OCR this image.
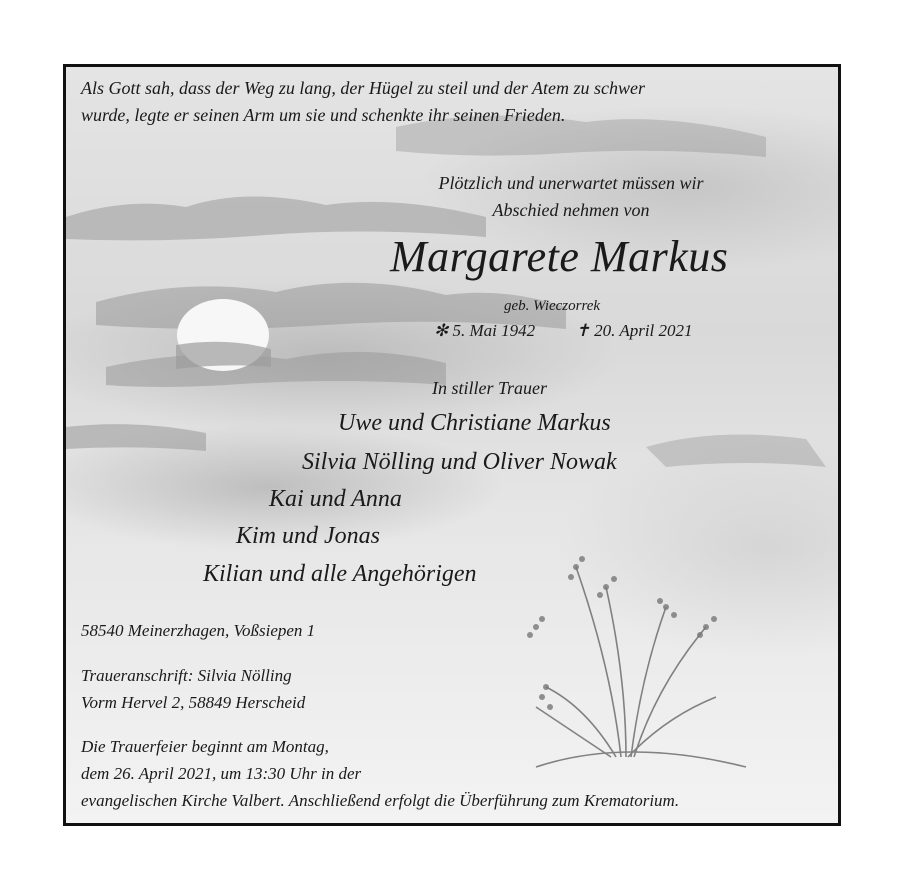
Als Gott sah, dass der Weg zu lang, der Hügel zu steil und der Atem zu schwer
wurde, legte er seinen Arm um sie und schenkte ihr seinen Frieden.
Plötzlich und unerwartet müssen wir
Abschied nehmen von
Margarete Markus
geb. Wieczorrek
✻ 5. Mai 1942 ✝ 20. April 2021
In stiller Trauer
Uwe und Christiane Markus
Silvia Nölling und Oliver Nowak
Kai und Anna
Kim und Jonas
Kilian und alle Angehörigen
58540 Meinerzhagen, Voßsiepen 1
Traueranschrift: Silvia Nölling
Vorm Hervel 2, 58849 Herscheid
Die Trauerfeier beginnt am Montag,
dem 26. April 2021, um 13:30 Uhr in der
evangelischen Kirche Valbert. Anschließend erfolgt die Überführung zum Krematorium.
